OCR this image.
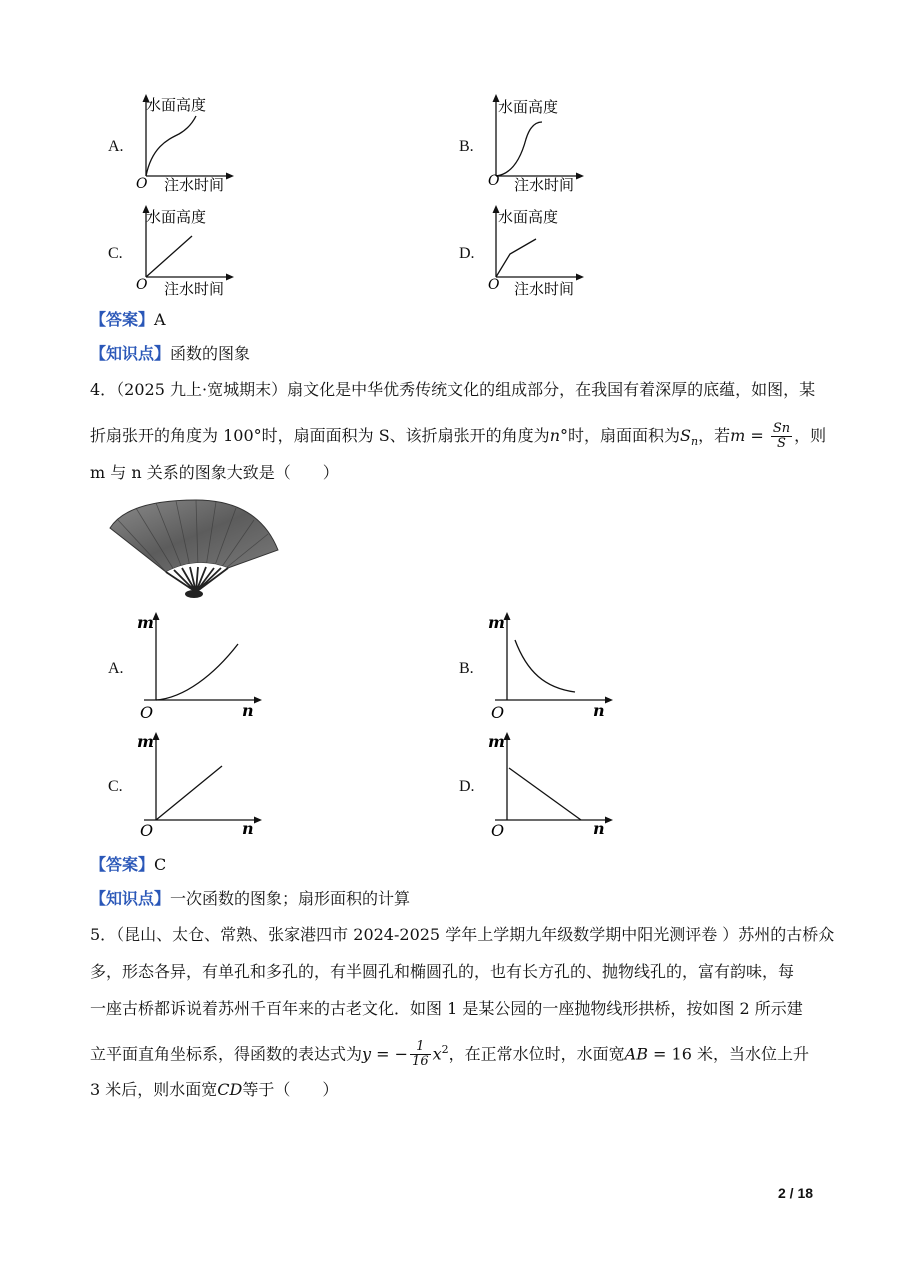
A.
水面高度
O 注水时间
B.
水面高度
O 注水时间
C.
水面高度
O 注水时间
D.
水面高度
O 注水时间
【答案】A
【知识点】函数的图象
4．（2025 九上·宽城期末）扇文化是中华优秀传统文化的组成部分，在我国有着深厚的底蕴，如图，某
折扇张开的角度为 100°时，扇面面积为 S、该折扇张开的角度为n°时，扇面面积为$S_n$，若$m = \frac{Sn}{S}$ ，则
m 与 n 关系的图象大致是（　　）
A.
m
O	n
B.
m
O	n
C.
m
O	n
D.
m
O	n
【答案】C
【知识点】一次函数的图象；扇形面积的计算
5．（昆山、太仓、常熟、张家港四市 2024-2025 学年上学期九年级数学期中阳光测评卷 ）苏州的古桥众
多，形态各异，有单孔和多孔的，有半圆孔和椭圆孔的，也有长方孔的、抛物线孔的，富有韵味，每
一座古桥都诉说着苏州千百年来的古老文化．如图 1 是某公园的一座抛物线形拱桥，按如图 2 所示建
立平面直角坐标系，得函数的表达式为y = − $\frac{1}{16} x^2$，在正常水位时，水面宽AB = 16 米，当水位上升
3 米后，则水面宽CD等于（　　）
2 / 18
